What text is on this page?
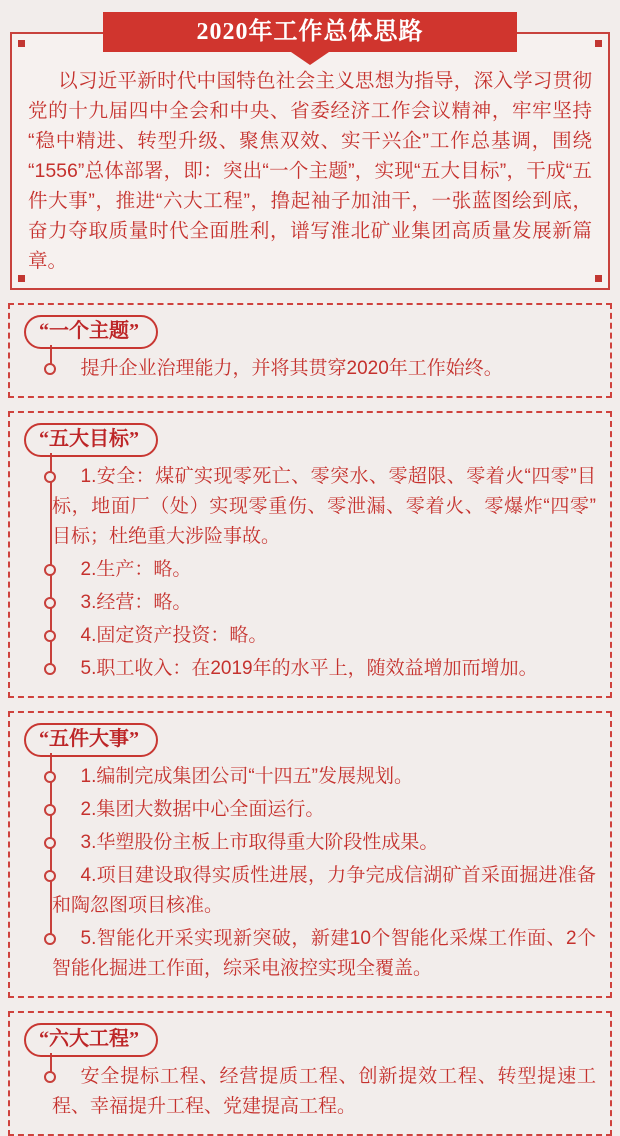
2020年工作总体思路

以习近平新时代中国特色社会主义思想为指导，深入学习贯彻党的十九届四中全会和中央、省委经济工作会议精神，牢牢坚持“稳中精进、转型升级、聚焦双效、实干兴企”工作总基调，围绕“1556”总体部署，即：突出“一个主题”，实现“五大目标”，干成“五件大事”，推进“六大工程”，撸起袖子加油干，一张蓝图绘到底，奋力夺取质量时代全面胜利，谱写淮北矿业集团高质量发展新篇章。

“一个主题”
提升企业治理能力，并将其贯穿2020年工作始终。
“五大目标”
1.安全：煤矿实现零死亡、零突水、零超限、零着火“四零”目标，地面厂（处）实现零重伤、零泄漏、零着火、零爆炸“四零”目标；杜绝重大涉险事故。
2.生产：略。
3.经营：略。
4.固定资产投资：略。
5.职工收入：在2019年的水平上，随效益增加而增加。
“五件大事”
1.编制完成集团公司“十四五”发展规划。
2.集团大数据中心全面运行。
3.华塑股份主板上市取得重大阶段性成果。
4.项目建设取得实质性进展，力争完成信湖矿首采面掘进准备和陶忽图项目核准。
5.智能化开采实现新突破，新建10个智能化采煤工作面、2个智能化掘进工作面，综采电液控实现全覆盖。
“六大工程”
安全提标工程、经营提质工程、创新提效工程、转型提速工程、幸福提升工程、党建提高工程。
